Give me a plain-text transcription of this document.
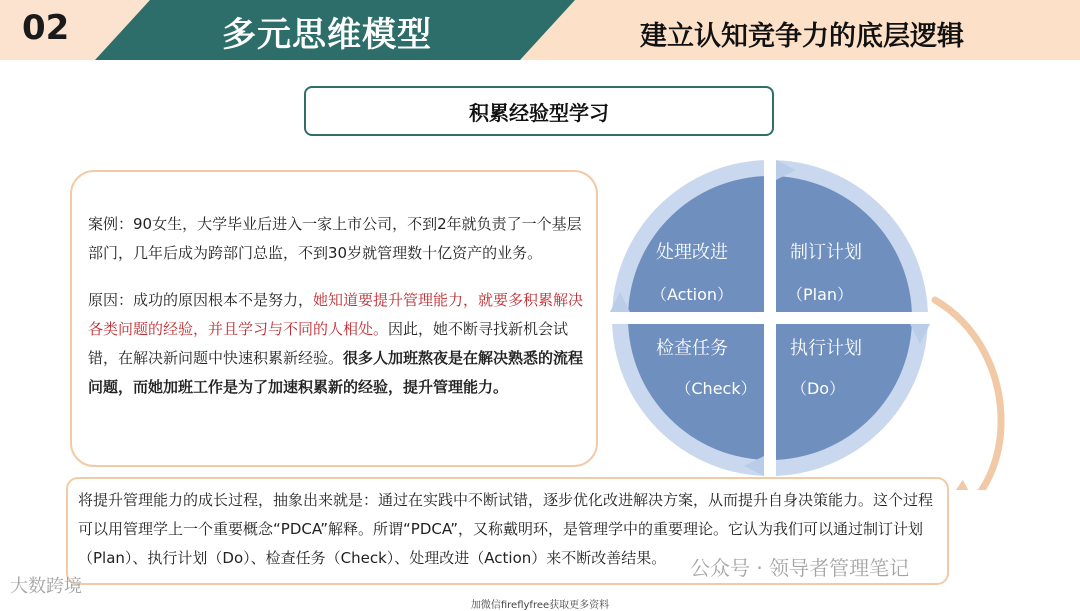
02	多元思维模型	建立认知竞争力的底层逻辑
积累经验型学习
案例：90女生，大学毕业后进入一家上市公司，不到2年就负责了一个基层部门，几年后成为跨部门总监，不到30岁就管理数十亿资产的业务。
原因：成功的原因根本不是努力，她知道要提升管理能力，就要多积累解决各类问题的经验，并且学习与不同的人相处。因此，她不断寻找新机会试错，在解决新问题中快速积累新经验。很多人加班熬夜是在解决熟悉的流程问题，而她加班工作是为了加速积累新的经验，提升管理能力。
处理改进
（Action）
制订计划
（Plan）
检查任务
（Check）
执行计划
（Do）
将提升管理能力的成长过程，抽象出来就是：通过在实践中不断试错，逐步优化改进解决方案，从而提升自身决策能力。这个过程可以用管理学上一个重要概念“PDCA”解释。所谓“PDCA”，又称戴明环，是管理学中的重要理论。它认为我们可以通过制订计划（Plan）、执行计划（Do）、检查任务（Check）、处理改进（Action）来不断改善结果。
大数跨境
公众号 · 领导者管理笔记
加微信fireflyfree获取更多资料
